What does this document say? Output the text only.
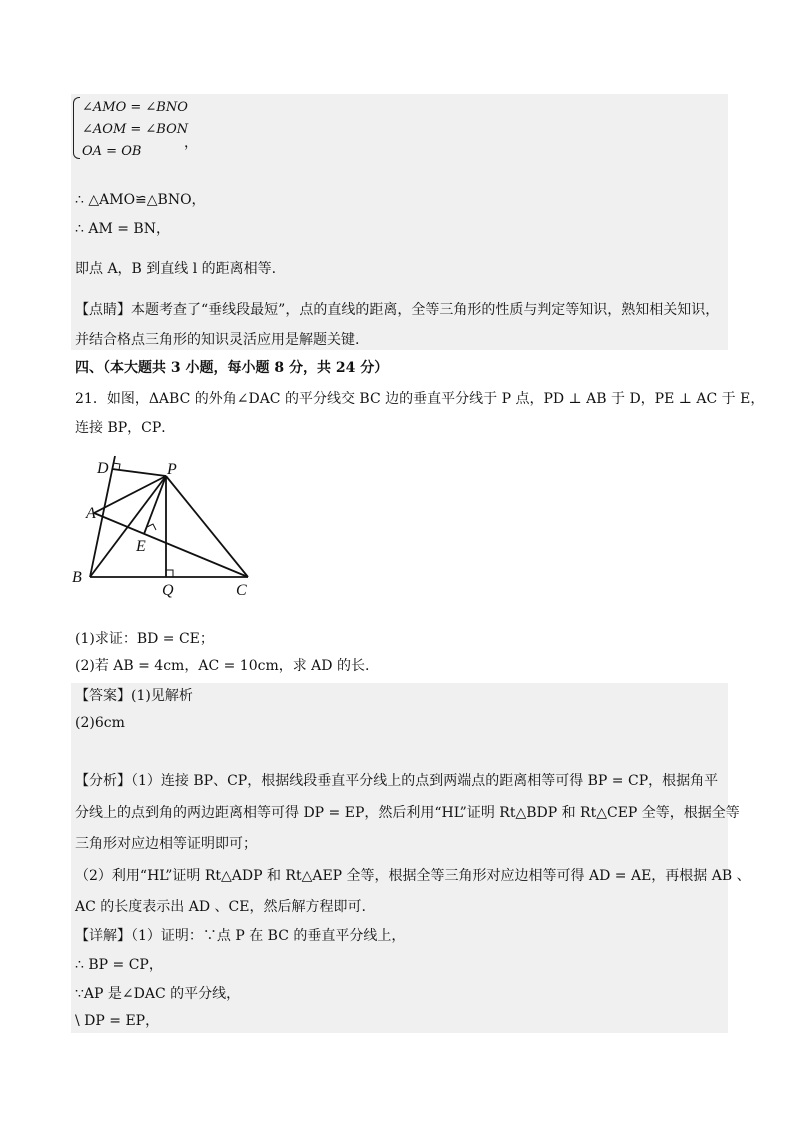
∠AMO = ∠BNO
∠AOM = ∠BON
OA = OB
，
∴ △AMO≌△BNO，
∴ AM = BN，
即点 A，B 到直线 l 的距离相等.
【点睛】本题考查了“垂线段最短”，点的直线的距离，全等三角形的性质与判定等知识，熟知相关知识，
并结合格点三角形的知识灵活应用是解题关键.
四、（本大题共 3 小题，每小题 8 分，共 24 分）
21．如图，ΔABC 的外角∠DAC 的平分线交 BC 边的垂直平分线于 P 点，PD ⊥ AB 于 D，PE ⊥ AC 于 E，
连接 BP，CP．
D	P
A
E
B
Q	C
(1)求证：BD = CE；
(2)若 AB = 4cm，AC = 10cm，求 AD 的长.
【答案】(1)见解析
(2)6cm
【分析】（1）连接 BP、CP，根据线段垂直平分线上的点到两端点的距离相等可得 BP = CP，根据角平
分线上的点到角的两边距离相等可得 DP = EP，然后利用“HL”证明 Rt△BDP 和 Rt△CEP 全等，根据全等
三角形对应边相等证明即可；
（2）利用“HL”证明 Rt△ADP 和 Rt△AEP 全等，根据全等三角形对应边相等可得 AD = AE，再根据 AB 、
AC 的长度表示出 AD 、CE，然后解方程即可.
【详解】（1）证明：∵点 P 在 BC 的垂直平分线上，
∴ BP = CP，
∵AP 是∠DAC 的平分线，
\ DP = EP，
